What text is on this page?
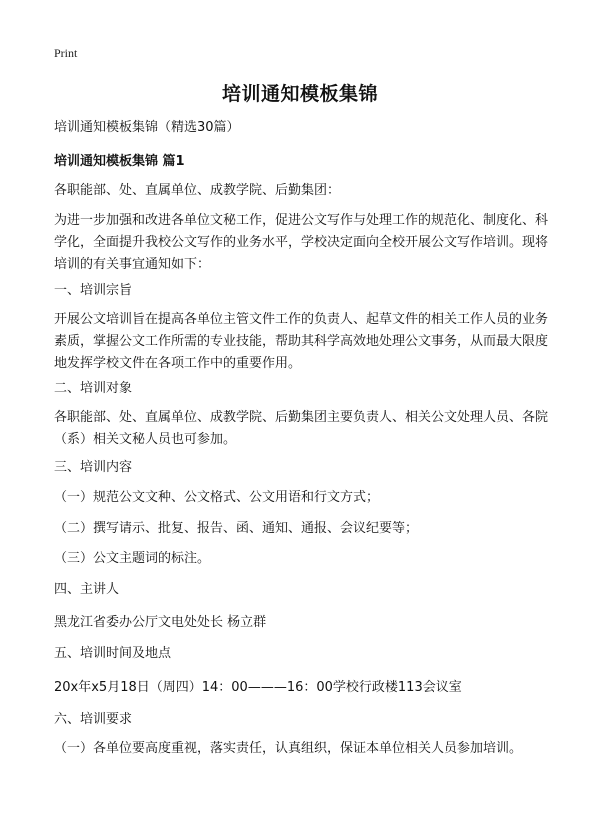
Print
培训通知模板集锦

培训通知模板集锦（精选30篇）

培训通知模板集锦 篇1

各职能部、处、直属单位、成教学院、后勤集团：

为进一步加强和改进各单位文秘工作，促进公文写作与处理工作的规范化、制度化、科学化，全面提升我校公文写作的业务水平，学校决定面向全校开展公文写作培训。现将培训的有关事宜通知如下：

一、培训宗旨

开展公文培训旨在提高各单位主管文件工作的负责人、起草文件的相关工作人员的业务素质，掌握公文工作所需的专业技能，帮助其科学高效地处理公文事务，从而最大限度地发挥学校文件在各项工作中的重要作用。

二、培训对象

各职能部、处、直属单位、成教学院、后勤集团主要负责人、相关公文处理人员、各院（系）相关文秘人员也可参加。

三、培训内容

（一）规范公文文种、公文格式、公文用语和行文方式；

（二）撰写请示、批复、报告、函、通知、通报、会议纪要等；

（三）公文主题词的标注。

四、主讲人

黑龙江省委办公厅文电处处长 杨立群

五、培训时间及地点

20x年x5月18日（周四）14：00———16：00学校行政楼113会议室

六、培训要求

（一）各单位要高度重视，落实责任，认真组织，保证本单位相关人员参加培训。
